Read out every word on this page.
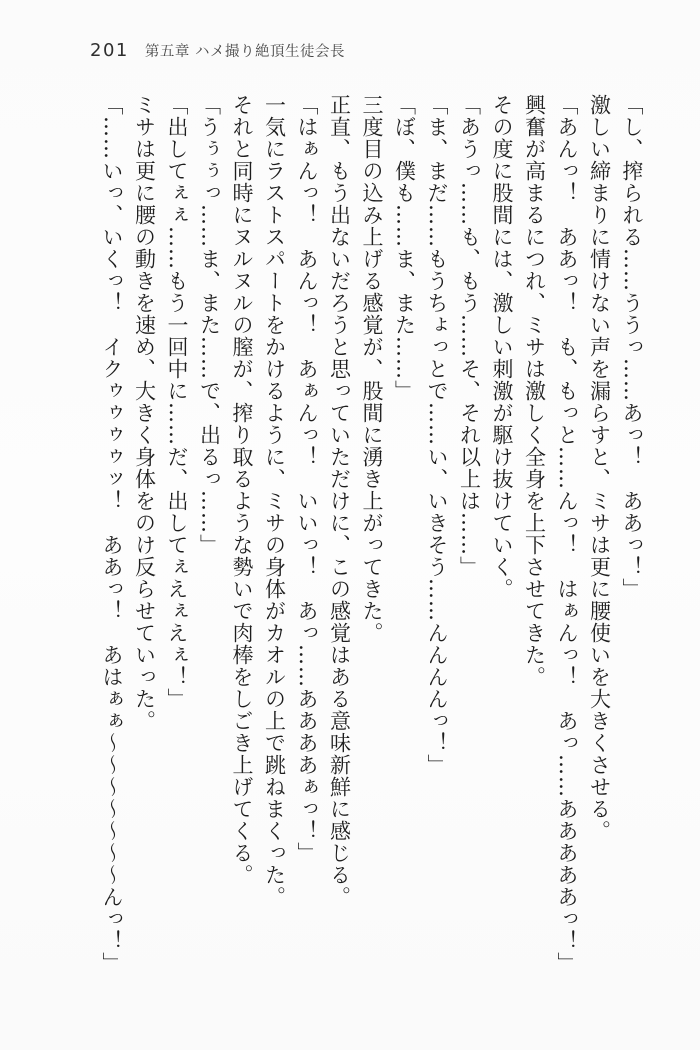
201 第五章 ハメ撮り絶頂生徒会長

「し、搾られる……ううっ……あっ！　ああっ！」

激しい締まりに情けない声を漏らすと、ミサは更に腰使いを大きくさせる。

「あんっ！　ああっ！　も、もっと……んっ！　はぁんっ！　あっ……あああああっ！」

興奮が高まるにつれ、ミサは激しく全身を上下させてきた。

その度に股間には、激しい刺激が駆け抜けていく。

「あうっ……も、もう……そ、それ以上は……」

「ま、まだ……もうちょっとで……い、いきそう……んんんんっ！」

「ぼ、僕も……ま、また……」

三度目の込み上げる感覚が、股間に湧き上がってきた。

正直、もう出ないだろうと思っていただけに、この感覚はある意味新鮮に感じる。

「はぁんっ！　あんっ！　あぁんっ！　いいっ！　あっ……ああああぁっ！」

一気にラストスパートをかけるように、ミサの身体がカオルの上で跳ねまくった。

それと同時にヌルヌルの膣が、搾り取るような勢いで肉棒をしごき上げてくる。

「うぅぅっ……ま、また……で、出るっ……」

「出してぇぇ……もう一回中に……だ、出してぇえぇえぇ！」

ミサは更に腰の動きを速め、大きく身体をのけ反らせていった。

「……いっ、いくっ！　イクゥゥゥゥッ！　ああっ！　あはぁぁ〜〜〜〜〜〜〜んっ！」
